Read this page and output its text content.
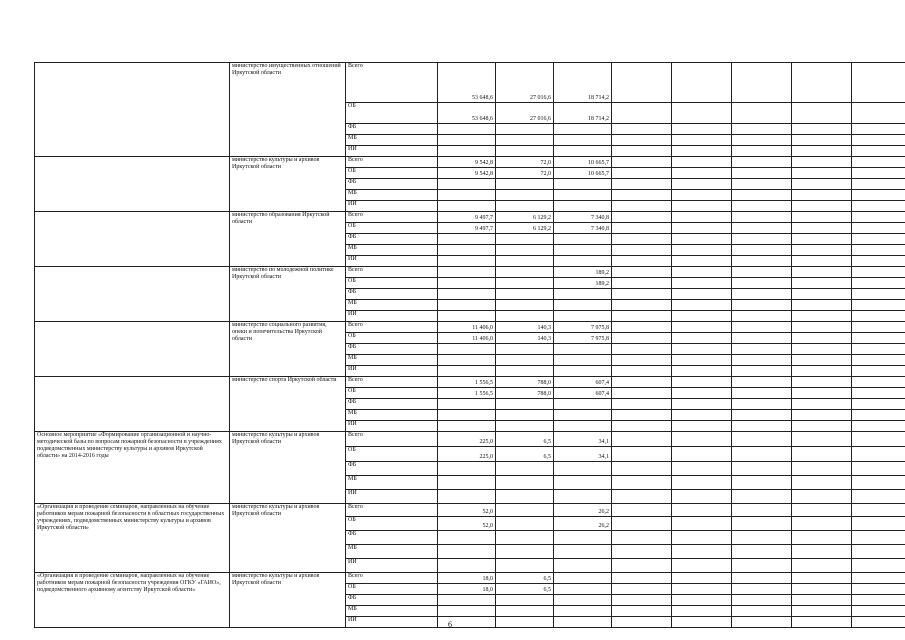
	министерство имущественных отношений Иркутской области	Всего	53 648,6	27 016,6	18 714,2					
		ОБ	53 648,6	27 016,6	18 714,2					
		ФБ								
		МБ								
		ИИ								
	министерство культуры и архивов Иркутской области	Всего	9 542,8	72,0	10 665,7					
		ОБ	9 542,8	72,0	10 665,7					
		ФБ								
		МБ								
		ИИ								
	министерство образования Иркутской области	Всего	9 497,7	6 129,2	7 340,8					
		ОБ	9 497,7	6 129,2	7 340,8					
		ФБ								
		МБ								
		ИИ								
	министерство по молодежной политике Иркутской области	Всего			189,2					
		ОБ			189,2					
		ФБ								
		МБ								
		ИИ								
	министерство социального развития, опеки и попечительства Иркутской области	Всего	11 406,0	140,3	7 975,8					
		ОБ	11 406,0	140,3	7 975,8					
		ФБ								
		МБ								
		ИИ								
	министерство спорта Иркутской области	Всего	1 556,5	788,0	607,4					
		ОБ	1 556,5	788,0	607,4					
		ФБ								
		МБ								
		ИИ								
Основное мероприятие «Формирование организационной и научно-методической базы по вопросам пожарной безопасности в учреждениях подведомственных министерству культуры и архивов Иркутской области» на 2014-2016 годы	министерство культуры и архивов Иркутской области	Всего	225,0	6,5	34,1					
		ОБ	225,0	6,5	34,1					
		ФБ								
		МБ								
		ИИ								
«Организация и проведение семинаров, направленных на обучение работников мерам пожарной безопасности в областных государственных учреждениях, подведомственных министерству культуры и архивов Иркутской области»	министерство культуры и архивов Иркутской области	Всего	52,0		26,2					
		ОБ	52,0		26,2					
		ФБ								
		МБ								
		ИИ								
«Организация и проведение семинаров, направленных на обучение работников мерам пожарной безопасности учреждения ОГКУ «ГАИО», подведомственного архивному агентству Иркутской области»	министерство культуры и архивов Иркутской области	Всего	18,0	6,5						
		ОБ	18,0	6,5						
		ФБ								
		МБ								
		ИИ									6
